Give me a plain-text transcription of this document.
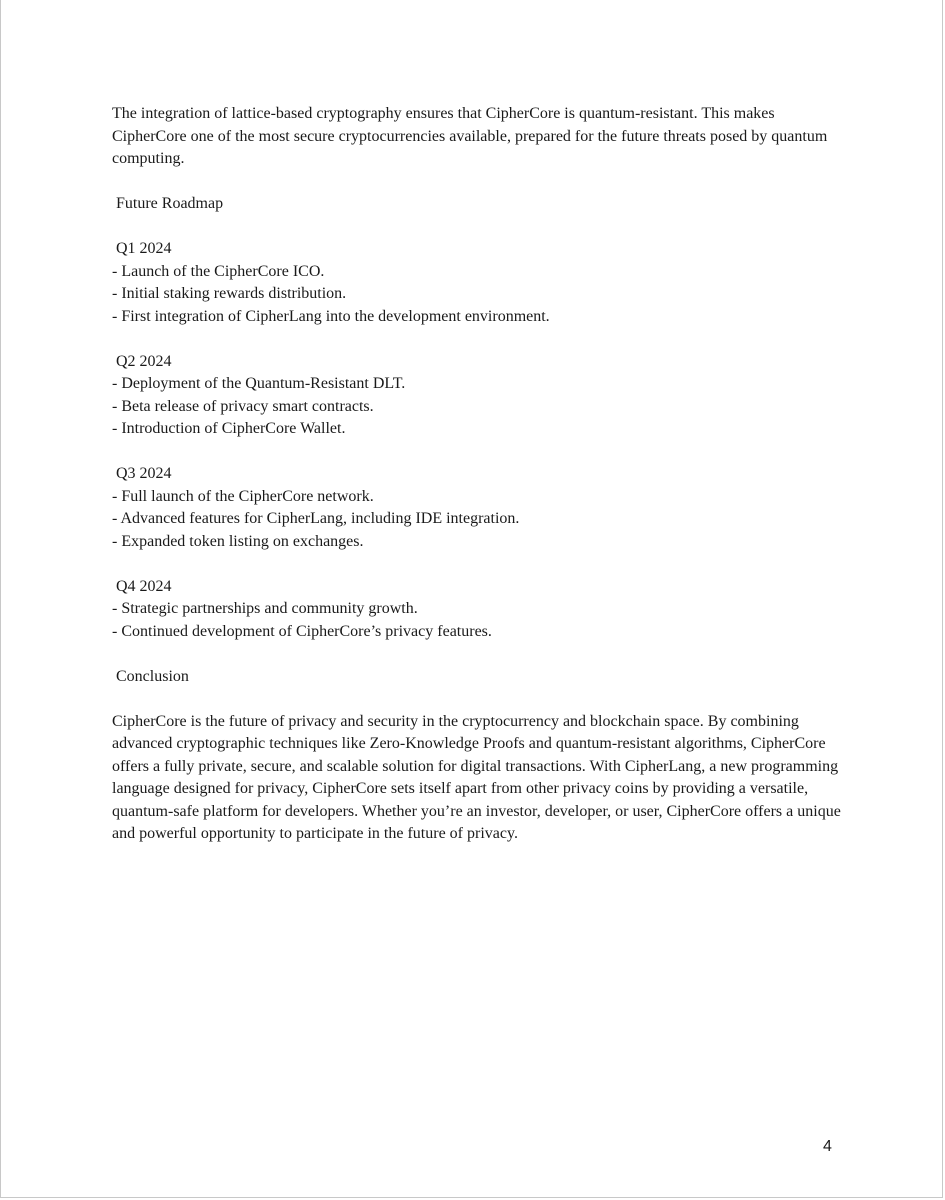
The integration of lattice-based cryptography ensures that CipherCore is quantum-resistant. This makes CipherCore one of the most secure cryptocurrencies available, prepared for the future threats posed by quantum computing.

Future Roadmap

Q1 2024

- Launch of the CipherCore ICO.

- Initial staking rewards distribution.

- First integration of CipherLang into the development environment.

Q2 2024

- Deployment of the Quantum-Resistant DLT.

- Beta release of privacy smart contracts.

- Introduction of CipherCore Wallet.

Q3 2024

- Full launch of the CipherCore network.

- Advanced features for CipherLang, including IDE integration.

- Expanded token listing on exchanges.

Q4 2024

- Strategic partnerships and community growth.

- Continued development of CipherCore’s privacy features.

Conclusion

CipherCore is the future of privacy and security in the cryptocurrency and blockchain space. By combining advanced cryptographic techniques like Zero-Knowledge Proofs and quantum-resistant algorithms, CipherCore offers a fully private, secure, and scalable solution for digital transactions. With CipherLang, a new programming language designed for privacy, CipherCore sets itself apart from other privacy coins by providing a versatile, quantum-safe platform for developers. Whether you’re an investor, developer, or user, CipherCore offers a unique and powerful opportunity to participate in the future of privacy.

4
